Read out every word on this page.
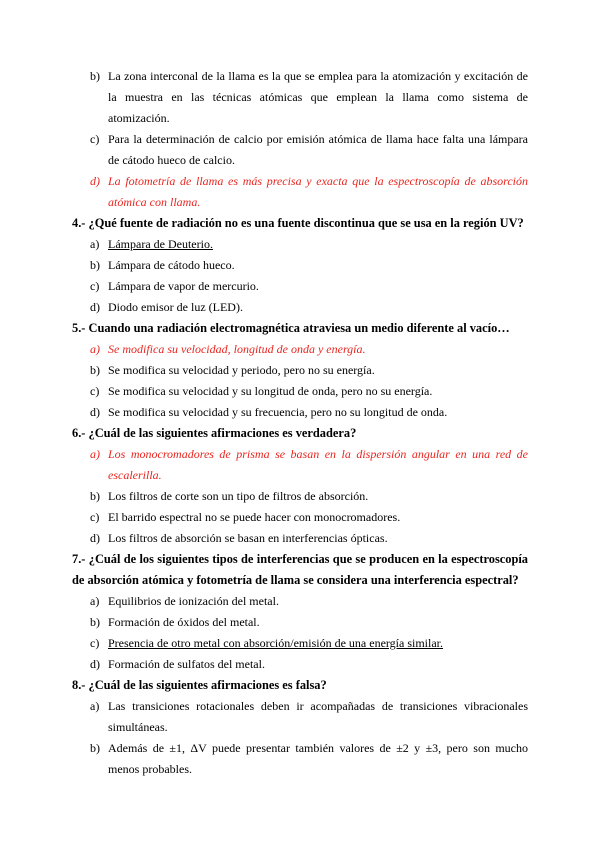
b) La zona interconal de la llama es la que se emplea para la atomización y excitación de la muestra en las técnicas atómicas que emplean la llama como sistema de atomización.
c) Para la determinación de calcio por emisión atómica de llama hace falta una lámpara de cátodo hueco de calcio.
d) La fotometría de llama es más precisa y exacta que la espectroscopía de absorción atómica con llama.

4.- ¿Qué fuente de radiación no es una fuente discontinua que se usa en la región UV?

a) Lámpara de Deuterio.
b) Lámpara de cátodo hueco.
c) Lámpara de vapor de mercurio.
d) Diodo emisor de luz (LED).

5.- Cuando una radiación electromagnética atraviesa un medio diferente al vacío…

a) Se modifica su velocidad, longitud de onda y energía.
b) Se modifica su velocidad y periodo, pero no su energía.
c) Se modifica su velocidad y su longitud de onda, pero no su energía.
d) Se modifica su velocidad y su frecuencia, pero no su longitud de onda.

6.- ¿Cuál de las siguientes afirmaciones es verdadera?

a) Los monocromadores de prisma se basan en la dispersión angular en una red de escalerilla.
b) Los filtros de corte son un tipo de filtros de absorción.
c) El barrido espectral no se puede hacer con monocromadores.
d) Los filtros de absorción se basan en interferencias ópticas.

7.- ¿Cuál de los siguientes tipos de interferencias que se producen en la espectroscopía de absorción atómica y fotometría de llama se considera una interferencia espectral?

a) Equilibrios de ionización del metal.
b) Formación de óxidos del metal.
c) Presencia de otro metal con absorción/emisión de una energía similar.
d) Formación de sulfatos del metal.

8.- ¿Cuál de las siguientes afirmaciones es falsa?

a) Las transiciones rotacionales deben ir acompañadas de transiciones vibracionales simultáneas.
b) Además de ±1, ΔV puede presentar también valores de ±2 y ±3, pero son mucho menos probables.
